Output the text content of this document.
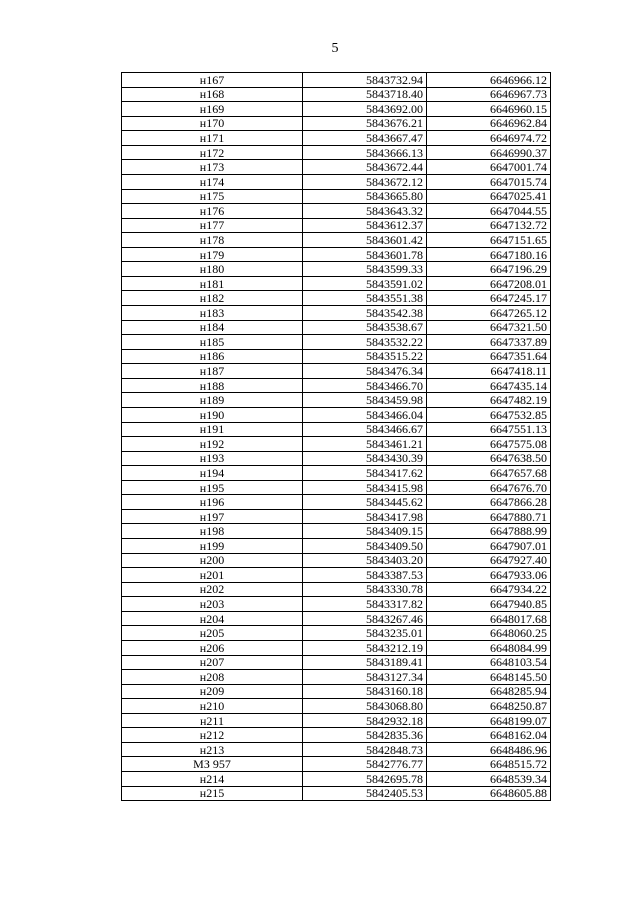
5
н167	5843732.94	6646966.12
н168	5843718.40	6646967.73
н169	5843692.00	6646960.15
н170	5843676.21	6646962.84
н171	5843667.47	6646974.72
н172	5843666.13	6646990.37
н173	5843672.44	6647001.74
н174	5843672.12	6647015.74
н175	5843665.80	6647025.41
н176	5843643.32	6647044.55
н177	5843612.37	6647132.72
н178	5843601.42	6647151.65
н179	5843601.78	6647180.16
н180	5843599.33	6647196.29
н181	5843591.02	6647208.01
н182	5843551.38	6647245.17
н183	5843542.38	6647265.12
н184	5843538.67	6647321.50
н185	5843532.22	6647337.89
н186	5843515.22	6647351.64
н187	5843476.34	6647418.11
н188	5843466.70	6647435.14
н189	5843459.98	6647482.19
н190	5843466.04	6647532.85
н191	5843466.67	6647551.13
н192	5843461.21	6647575.08
н193	5843430.39	6647638.50
н194	5843417.62	6647657.68
н195	5843415.98	6647676.70
н196	5843445.62	6647866.28
н197	5843417.98	6647880.71
н198	5843409.15	6647888.99
н199	5843409.50	6647907.01
н200	5843403.20	6647927.40
н201	5843387.53	6647933.06
н202	5843330.78	6647934.22
н203	5843317.82	6647940.85
н204	5843267.46	6648017.68
н205	5843235.01	6648060.25
н206	5843212.19	6648084.99
н207	5843189.41	6648103.54
н208	5843127.34	6648145.50
н209	5843160.18	6648285.94
н210	5843068.80	6648250.87
н211	5842932.18	6648199.07
н212	5842835.36	6648162.04
н213	5842848.73	6648486.96
МЗ 957	5842776.77	6648515.72
н214	5842695.78	6648539.34
н215	5842405.53	6648605.88
